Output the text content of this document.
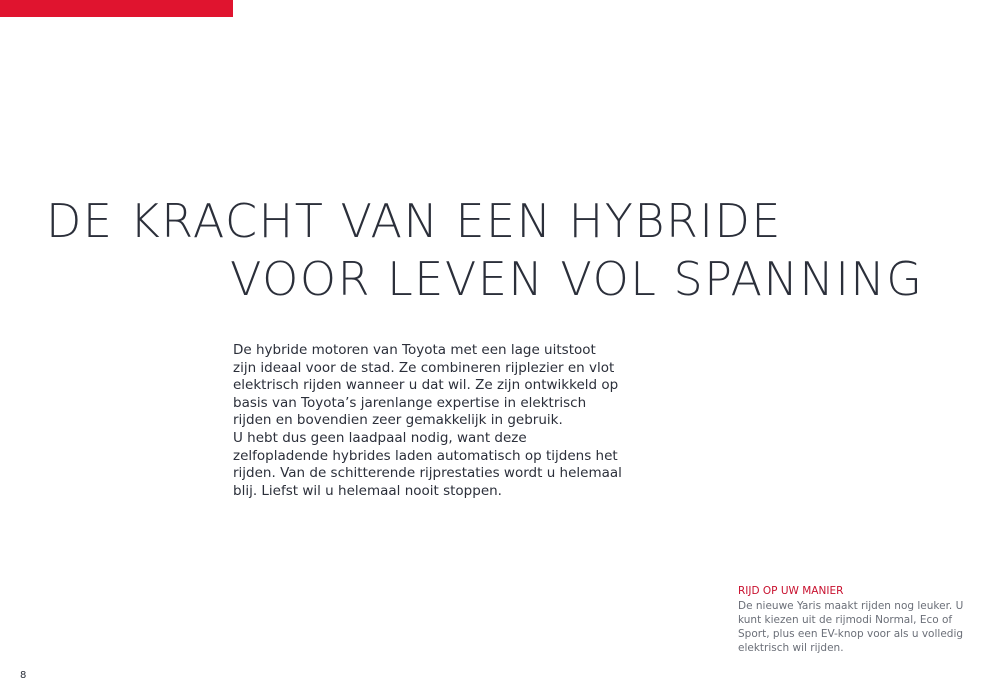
DE KRACHT VAN EEN HYBRIDE
VOOR LEVEN VOL SPANNING

De hybride motoren van Toyota met een lage uitstoot zijn ideaal voor de stad. Ze combineren rijplezier en vlot elektrisch rijden wanneer u dat wil. Ze zijn ontwikkeld op basis van Toyota’s jarenlange expertise in elektrisch rijden en bovendien zeer gemakkelijk in gebruik.

U hebt dus geen laadpaal nodig, want deze zelfopladende hybrides laden automatisch op tijdens het rijden. Van de schitterende rijprestaties wordt u helemaal blij. Liefst wil u helemaal nooit stoppen.

RIJD OP UW MANIER

De nieuwe Yaris maakt rijden nog leuker. U kunt kiezen uit de rijmodi Normal, Eco of Sport, plus een EV-knop voor als u volledig elektrisch wil rijden.

8
